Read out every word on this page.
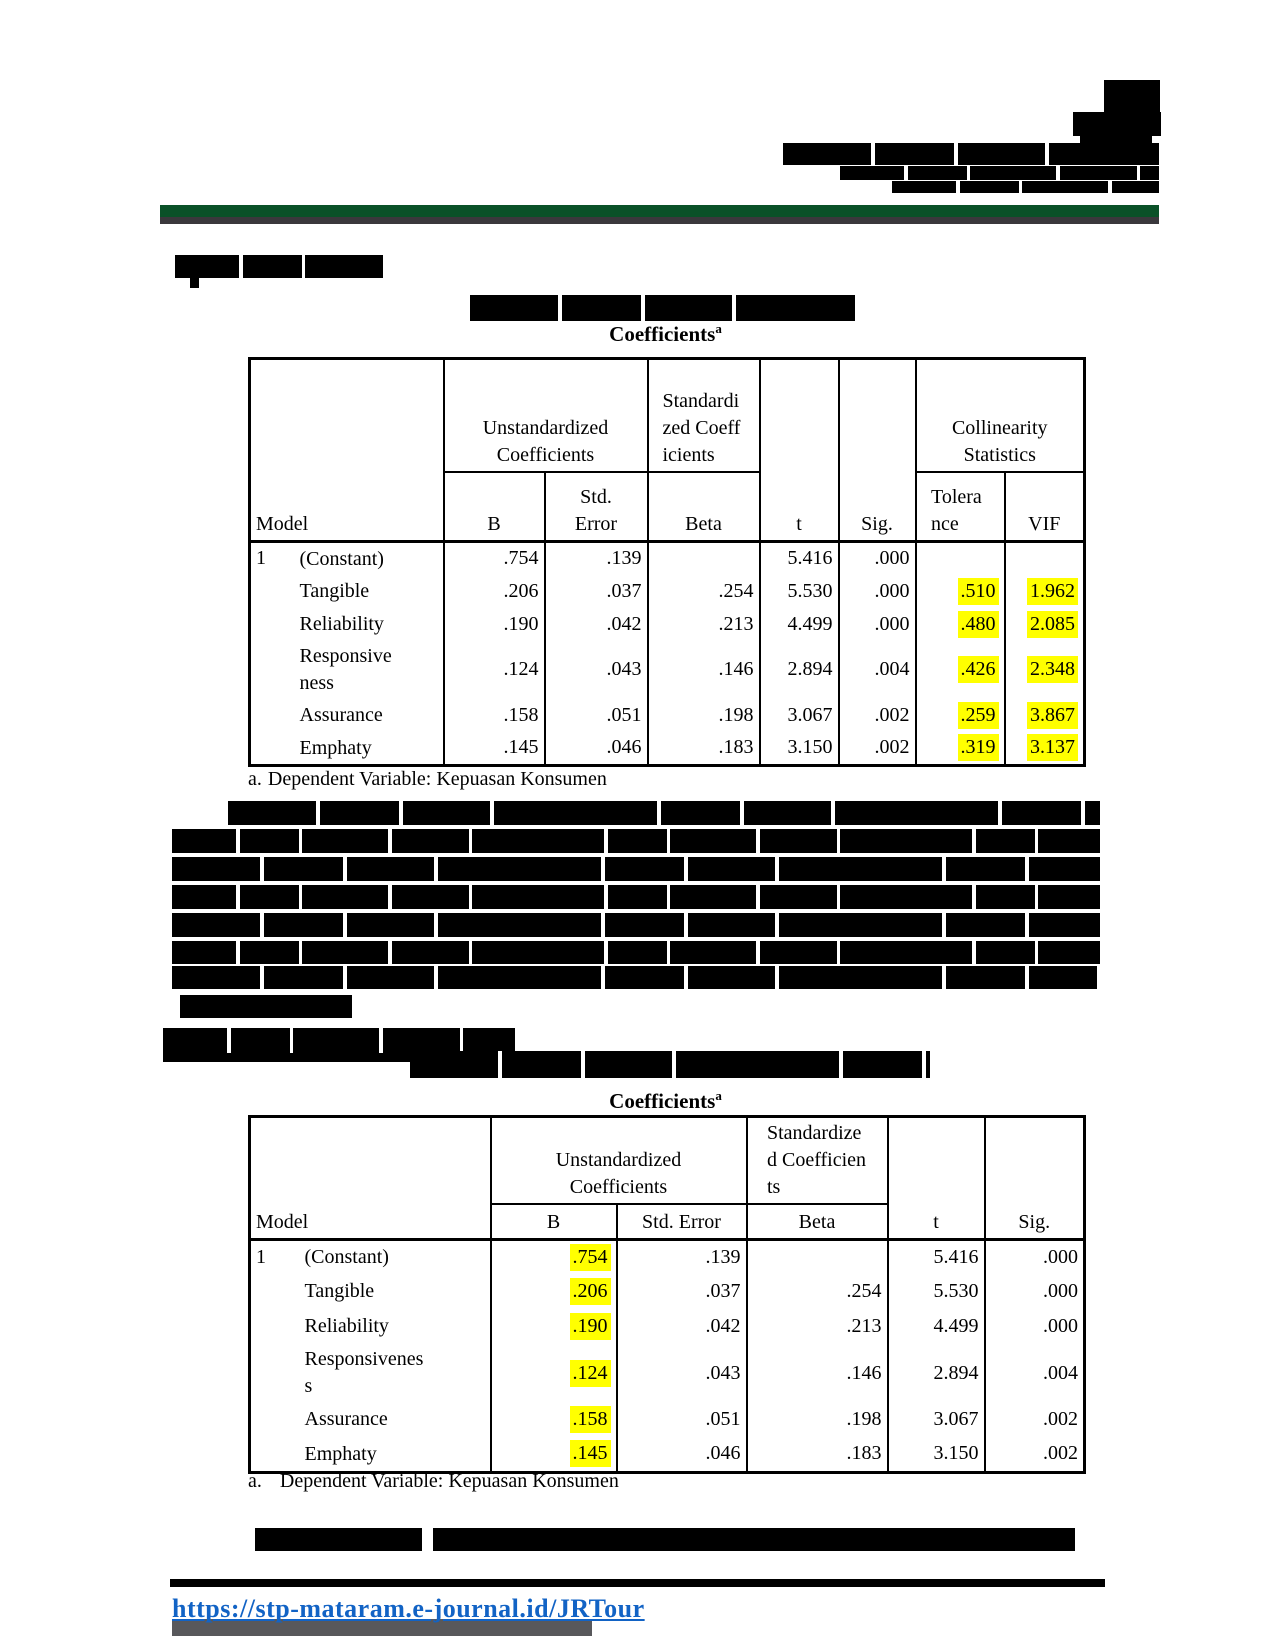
Coefficients$^a$
Model		Unstandardized Coefficients		Standardized Coefficients	t	Sig.	Collinearity Statistics	
		B	Std. Error	Beta			Tolerance	VIF
1	(Constant)	.754	.139		5.416	.000		
	Tangible	.206	.037	.254	5.530	.000	.510	1.962
	Reliability	.190	.042	.213	4.499	.000	.480	2.085
	Responsiveness	.124	.043	.146	2.894	.004	.426	2.348
	Assurance	.158	.051	.198	3.067	.002	.259	3.867
	Emphaty	.145	.046	.183	3.150	.002	.319	3.137
a. Dependent Variable: Kepuasan Konsumen
Coefficients$^a$
Model		Unstandardized Coefficients		Standardized Coefficients	t	Sig.
		B	Std. Error	Beta		
1	(Constant)	.754	.139		5.416	.000
	Tangible	.206	.037	.254	5.530	.000
	Reliability	.190	.042	.213	4.499	.000
	Responsiveness	.124	.043	.146	2.894	.004
	Assurance	.158	.051	.198	3.067	.002
	Emphaty	.145	.046	.183	3.150	.002
a. Dependent Variable: Kepuasan Konsumen
https://stp-mataram.e-journal.id/JRTour
